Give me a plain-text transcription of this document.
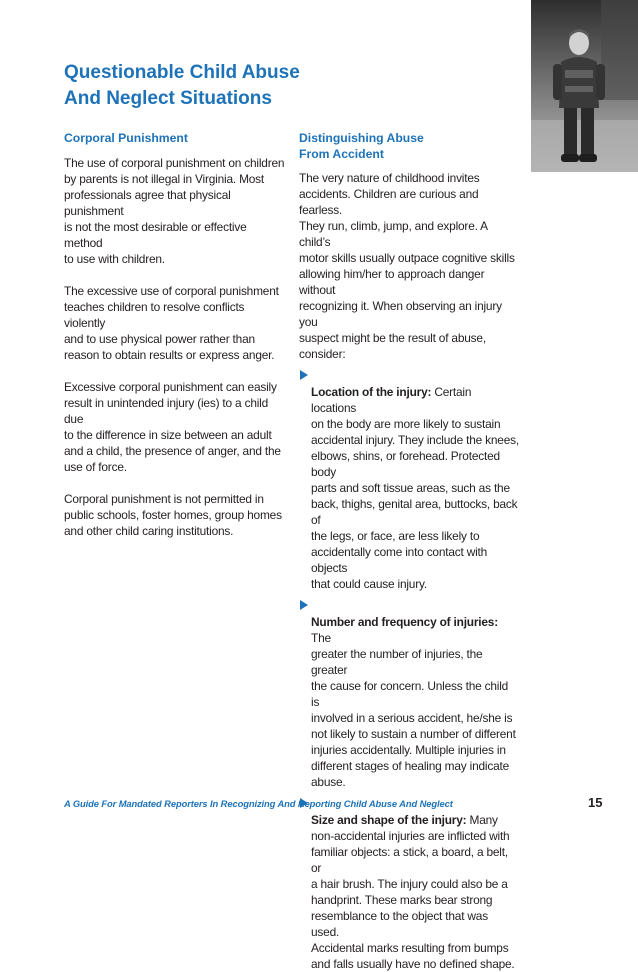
Questionable Child Abuse
And Neglect Situations
Corporal Punishment

The use of corporal punishment on children
by parents is not illegal in Virginia. Most
professionals agree that physical punishment
is not the most desirable or effective method
to use with children.

The excessive use of corporal punishment
teaches children to resolve conflicts violently
and to use physical power rather than
reason to obtain results or express anger.

Excessive corporal punishment can easily
result in unintended injury (ies) to a child due
to the difference in size between an adult
and a child, the presence of anger, and the
use of force.

Corporal punishment is not permitted in
public schools, foster homes, group homes
and other child caring institutions.

Distinguishing Abuse
From Accident

The very nature of childhood invites
accidents. Children are curious and fearless.
They run, climb, jump, and explore. A child’s
motor skills usually outpace cognitive skills
allowing him/her to approach danger without
recognizing it. When observing an injury you
suspect might be the result of abuse,
consider:

Location of the injury: Certain locations
on the body are more likely to sustain
accidental injury. They include the knees,
elbows, shins, or forehead. Protected body
parts and soft tissue areas, such as the
back, thighs, genital area, buttocks, back of
the legs, or face, are less likely to
accidentally come into contact with objects
that could cause injury.

Number and frequency of injuries: The
greater the number of injuries, the greater
the cause for concern. Unless the child is
involved in a serious accident, he/she is
not likely to sustain a number of different
injuries accidentally. Multiple injuries in
different stages of healing may indicate
abuse.

Size and shape of the injury: Many
non-accidental injuries are inflicted with
familiar objects: a stick, a board, a belt, or
a hair brush. The injury could also be a
handprint. These marks bear strong
resemblance to the object that was used.
Accidental marks resulting from bumps
and falls usually have no defined shape.

A Guide For Mandated Reporters In Recognizing And Reporting Child Abuse And Neglect	15
